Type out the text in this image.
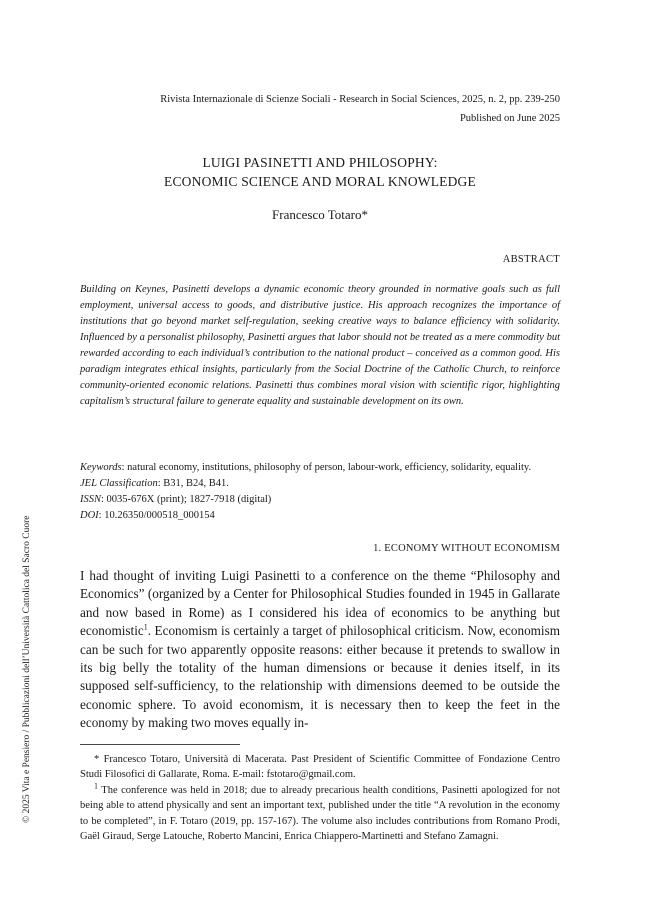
Rivista Internazionale di Scienze Sociali - Research in Social Sciences, 2025, n. 2, pp. 239-250
Published on June 2025
LUIGI PASINETTI AND PHILOSOPHY:
ECONOMIC SCIENCE AND MORAL KNOWLEDGE
Francesco Totaro*
ABSTRACT
Building on Keynes, Pasinetti develops a dynamic economic theory grounded in normative goals such as full employment, universal access to goods, and distributive justice. His approach recognizes the importance of institutions that go beyond market self-regulation, seeking creative ways to balance efficiency with solidarity. Influenced by a personalist philosophy, Pasinetti argues that labor should not be treated as a mere commodity but rewarded according to each individual’s contribution to the national product – conceived as a common good. His paradigm integrates ethical insights, particularly from the Social Doctrine of the Catholic Church, to reinforce community-oriented economic relations. Pasinetti thus combines moral vision with scientific rigor, highlighting capitalism’s structural failure to generate equality and sustainable development on its own.
Keywords: natural economy, institutions, philosophy of person, labour-work, efficiency, solidarity, equality.
JEL Classification: B31, B24, B41.
ISSN: 0035-676X (print); 1827-7918 (digital)
DOI: 10.26350/000518_000154
1. ECONOMY WITHOUT ECONOMISM
I had thought of inviting Luigi Pasinetti to a conference on the theme “Philosophy and Economics” (organized by a Center for Philosophical Studies founded in 1945 in Gallarate and now based in Rome) as I considered his idea of economics to be anything but economistic$^1$. Economism is certainly a target of philosophical criticism. Now, economism can be such for two apparently opposite reasons: either because it pretends to swallow in its big belly the totality of the human dimensions or because it denies itself, in its supposed self-sufficiency, to the relationship with dimensions deemed to be outside the economic sphere. To avoid economism, it is necessary then to keep the feet in the economy by making two moves equally in-

* Francesco Totaro, Università di Macerata. Past President of Scientific Committee of Fondazione Centro Studi Filosofici di Gallarate, Roma. E-mail: fstotaro@gmail.com.

$^1$ The conference was held in 2018; due to already precarious health conditions, Pasinetti apologized for not being able to attend physically and sent an important text, published under the title “A revolution in the economy to be completed”, in F. Totaro (2019, pp. 157-167). The volume also includes contributions from Romano Prodi, Gaël Giraud, Serge Latouche, Roberto Mancini, Enrica Chiappero-Martinetti and Stefano Zamagni.

© 2025 Vita e Pensiero / Pubblicazioni dell’Università Cattolica del Sacro Cuore
